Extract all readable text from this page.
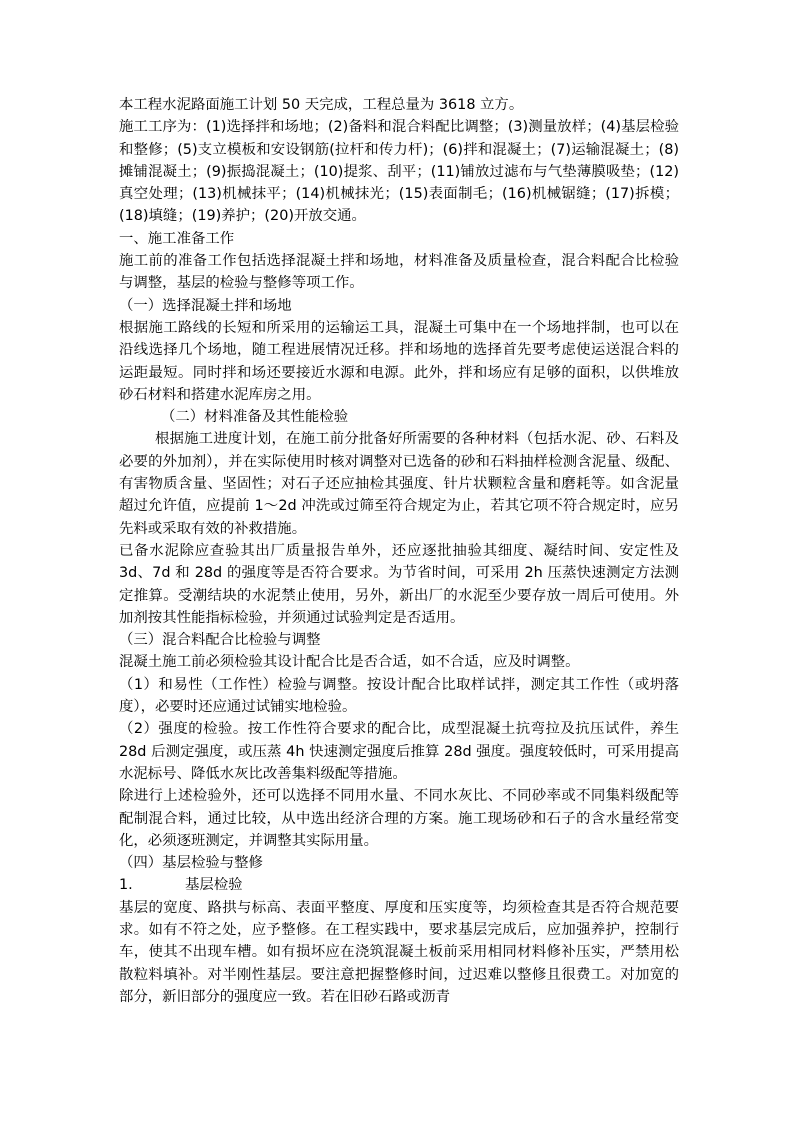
本工程水泥路面施工计划 50 天完成，工程总量为 3618 立方。

施工工序为：(1)选择拌和场地；(2)备料和混合料配比调整；(3)测量放样；(4)基层检验和整修；(5)支立模板和安设钢筋(拉杆和传力杆)；(6)拌和混凝土；(7)运输混凝土；(8)摊铺混凝土；(9)振捣混凝土；(10)提浆、刮平；(11)铺放过滤布与气垫薄膜吸垫；(12)真空处理；(13)机械抹平；(14)机械抹光；(15)表面制毛；(16)机械锯缝；(17)拆模；(18)填缝；(19)养护；(20)开放交通。

一、施工准备工作

施工前的准备工作包括选择混凝土拌和场地，材料准备及质量检查，混合料配合比检验与调整，基层的检验与整修等项工作。

（一）选择混凝土拌和场地

根据施工路线的长短和所采用的运输运工具，混凝土可集中在一个场地拌制，也可以在沿线选择几个场地，随工程进展情况迁移。拌和场地的选择首先要考虑使运送混合料的运距最短。同时拌和场还要接近水源和电源。此外，拌和场应有足够的面积，以供堆放砂石材料和搭建水泥库房之用。

（二）材料准备及其性能检验

根据施工进度计划，在施工前分批备好所需要的各种材料（包括水泥、砂、石料及必要的外加剂），并在实际使用时核对调整对已选备的砂和石料抽样检测含泥量、级配、有害物质含量、坚固性；对石子还应抽检其强度、针片状颗粒含量和磨耗等。如含泥量超过允许值，应提前 1～2d 冲洗或过筛至符合规定为止，若其它项不符合规定时，应另先料或采取有效的补救措施。

已备水泥除应查验其出厂质量报告单外，还应逐批抽验其细度、凝结时间、安定性及 3d、7d 和 28d 的强度等是否符合要求。为节省时间，可采用 2h 压蒸快速测定方法测定推算。受潮结块的水泥禁止使用，另外，新出厂的水泥至少要存放一周后可使用。外加剂按其性能指标检验，并须通过试验判定是否适用。

（三）混合料配合比检验与调整

混凝土施工前必须检验其设计配合比是否合适，如不合适，应及时调整。

（1）和易性（工作性）检验与调整。按设计配合比取样试拌，测定其工作性（或坍落度），必要时还应通过试铺实地检验。

（2）强度的检验。按工作性符合要求的配合比，成型混凝土抗弯拉及抗压试件，养生 28d 后测定强度，或压蒸 4h 快速测定强度后推算 28d 强度。强度较低时，可采用提高水泥标号、降低水灰比改善集料级配等措施。

除进行上述检验外，还可以选择不同用水量、不同水灰比、不同砂率或不同集料级配等配制混合料，通过比较，从中选出经济合理的方案。施工现场砂和石子的含水量经常变化，必须逐班测定，并调整其实际用量。

（四）基层检验与整修

1.	基层检验

基层的宽度、路拱与标高、表面平整度、厚度和压实度等，均须检查其是否符合规范要求。如有不符之处，应予整修。在工程实践中，要求基层完成后，应加强养护，控制行车，使其不出现车槽。如有损坏应在浇筑混凝土板前采用相同材料修补压实，严禁用松散粒料填补。对半刚性基层。要注意把握整修时间，过迟难以整修且很费工。对加宽的部分，新旧部分的强度应一致。若在旧砂石路或沥青
